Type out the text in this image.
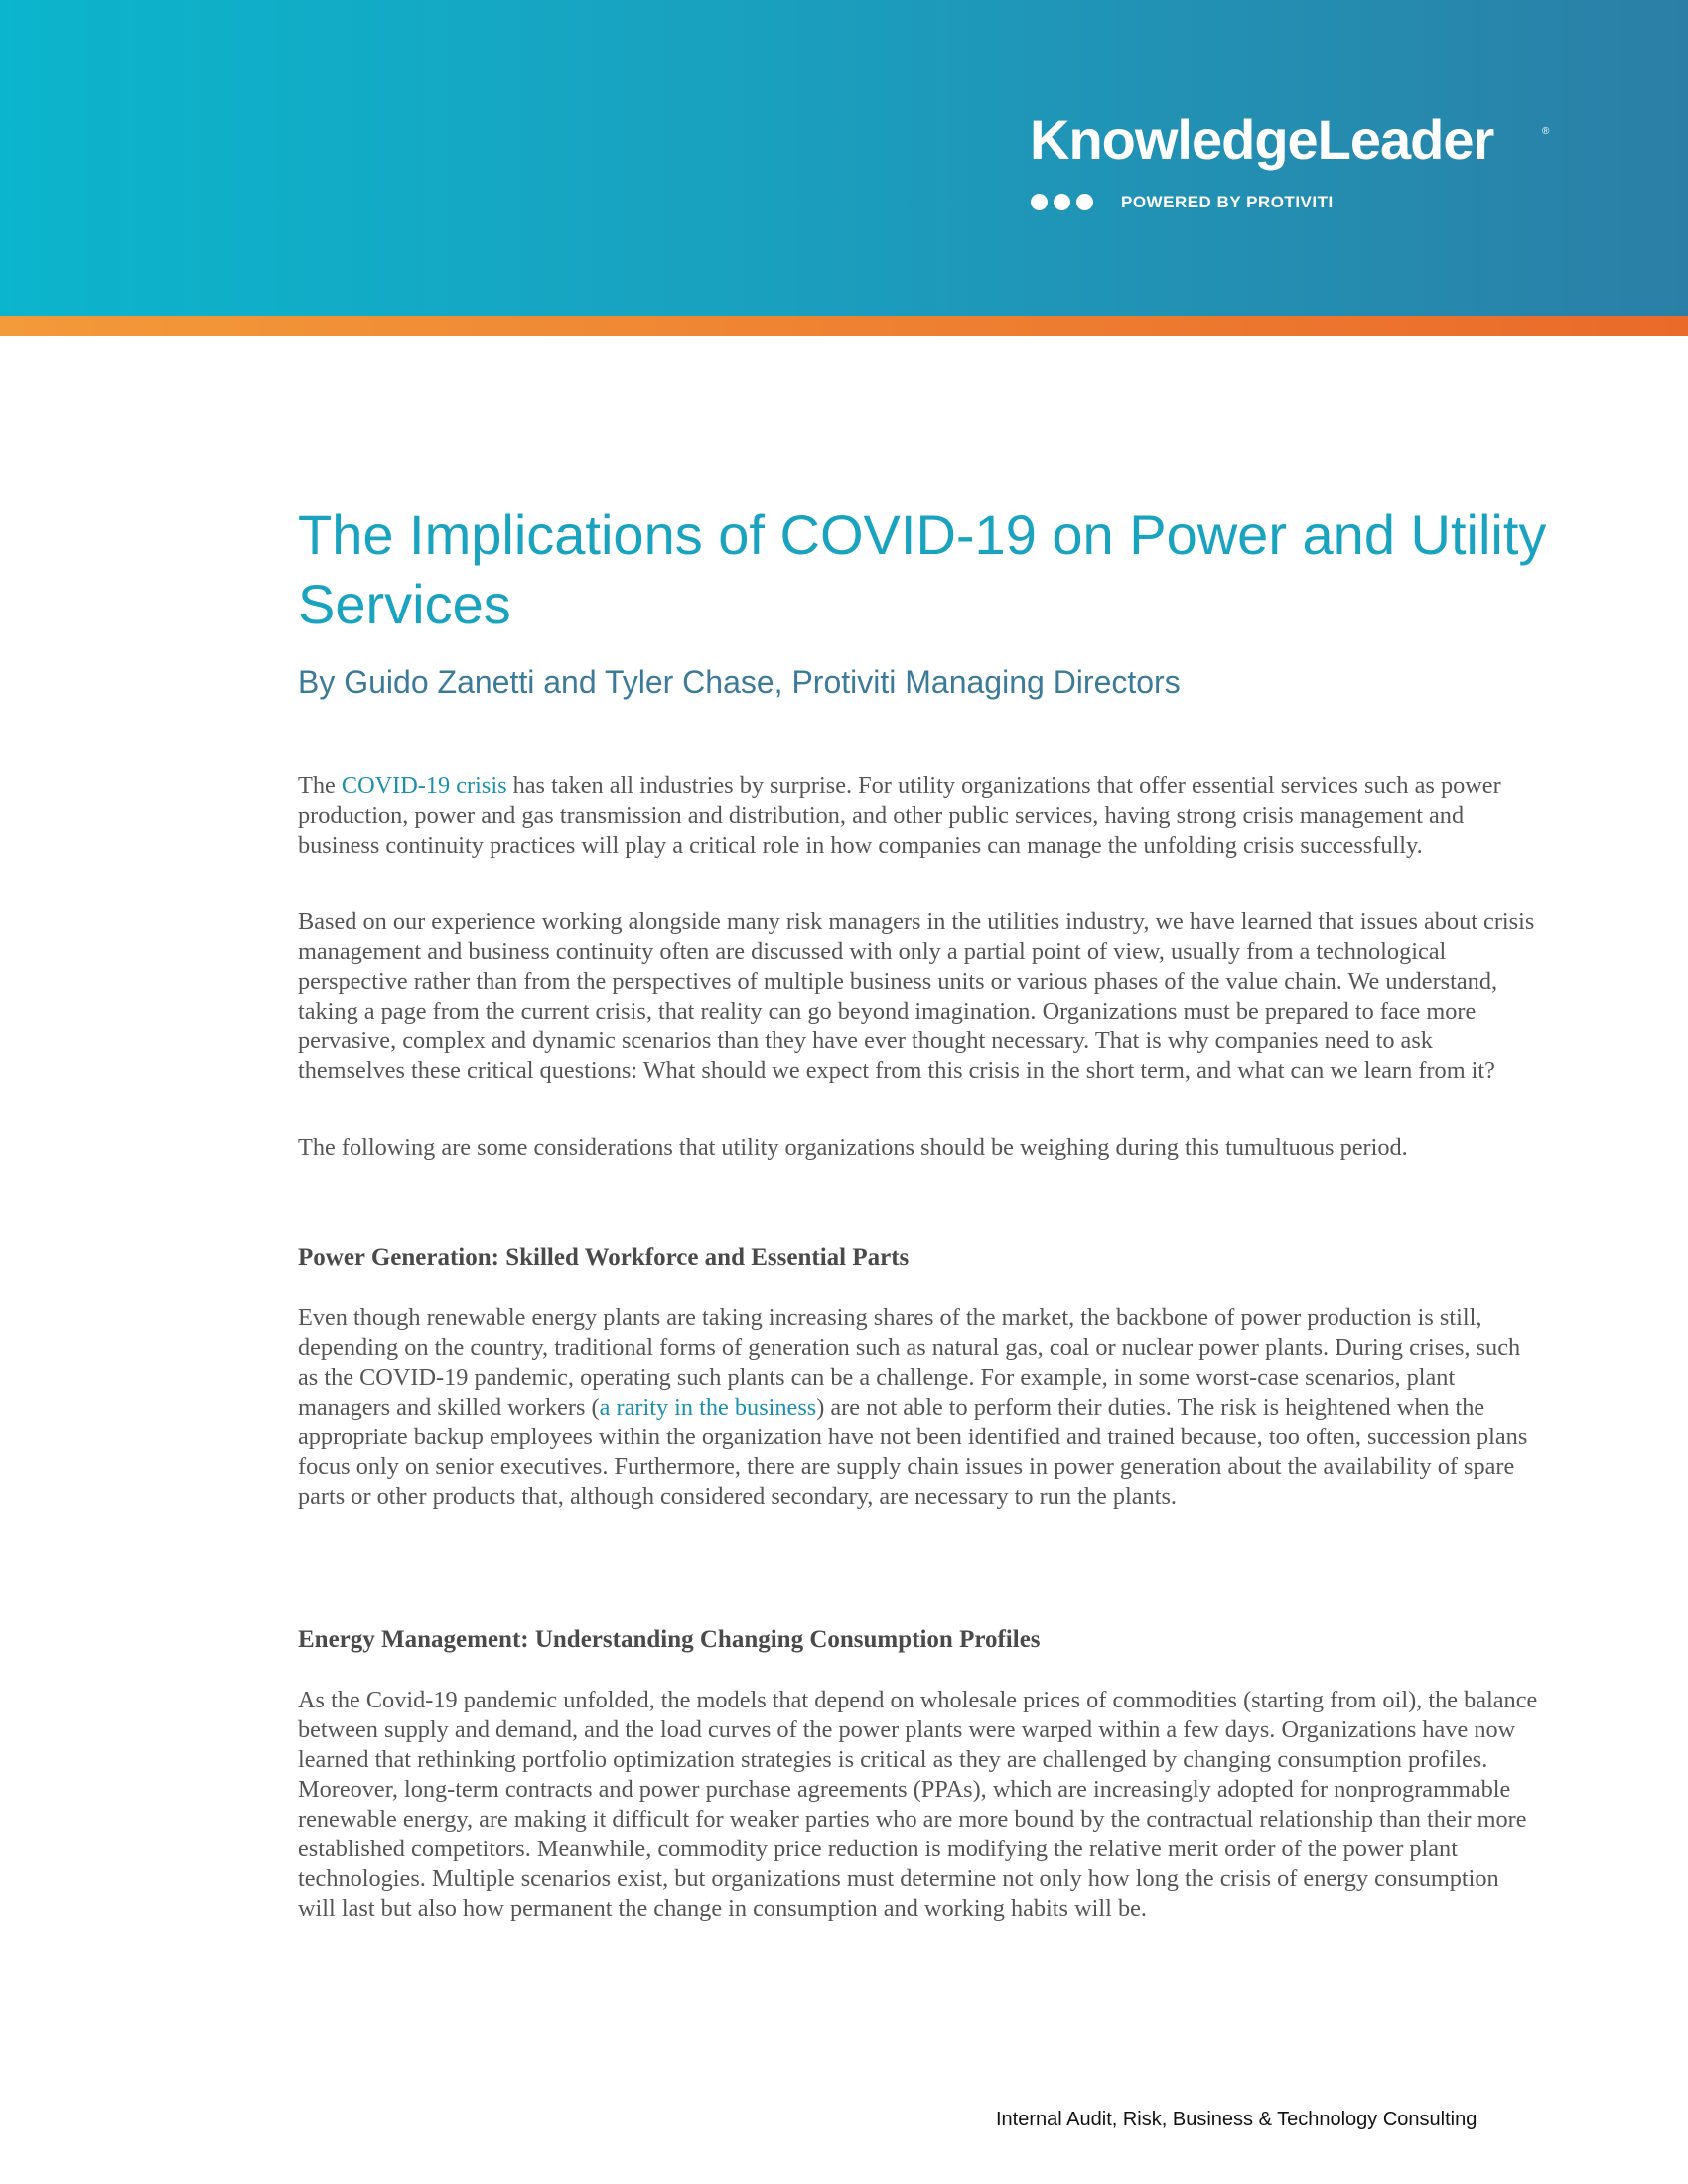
KnowledgeLeader	®
POWERED BY PROTIVITI
The Implications of COVID-19 on Power and Utility Services

By Guido Zanetti and Tyler Chase, Protiviti Managing Directors

The COVID-19 crisis has taken all industries by surprise. For utility organizations that offer essential services such as power production, power and gas transmission and distribution, and other public services, having strong crisis management and business continuity practices will play a critical role in how companies can manage the unfolding crisis successfully.

Based on our experience working alongside many risk managers in the utilities industry, we have learned that issues about crisis management and business continuity often are discussed with only a partial point of view, usually from a technological perspective rather than from the perspectives of multiple business units or various phases of the value chain. We understand, taking a page from the current crisis, that reality can go beyond imagination. Organizations must be prepared to face more pervasive, complex and dynamic scenarios than they have ever thought necessary. That is why companies need to ask themselves these critical questions: What should we expect from this crisis in the short term, and what can we learn from it?

The following are some considerations that utility organizations should be weighing during this tumultuous period.

Power Generation: Skilled Workforce and Essential Parts

Even though renewable energy plants are taking increasing shares of the market, the backbone of power production is still, depending on the country, traditional forms of generation such as natural gas, coal or nuclear power plants. During crises, such as the COVID-19 pandemic, operating such plants can be a challenge. For example, in some worst-case scenarios, plant managers and skilled workers (a rarity in the business) are not able to perform their duties. The risk is heightened when the appropriate backup employees within the organization have not been identified and trained because, too often, succession plans focus only on senior executives. Furthermore, there are supply chain issues in power generation about the availability of spare parts or other products that, although considered secondary, are necessary to run the plants.

Energy Management: Understanding Changing Consumption Profiles

As the Covid-19 pandemic unfolded, the models that depend on wholesale prices of commodities (starting from oil), the balance between supply and demand, and the load curves of the power plants were warped within a few days. Organizations have now learned that rethinking portfolio optimization strategies is critical as they are challenged by changing consumption profiles. Moreover, long-term contracts and power purchase agreements (PPAs), which are increasingly adopted for nonprogrammable renewable energy, are making it difficult for weaker parties who are more bound by the contractual relationship than their more established competitors. Meanwhile, commodity price reduction is modifying the relative merit order of the power plant technologies. Multiple scenarios exist, but organizations must determine not only how long the crisis of energy consumption will last but also how permanent the change in consumption and working habits will be.

Internal Audit, Risk, Business & Technology Consulting
